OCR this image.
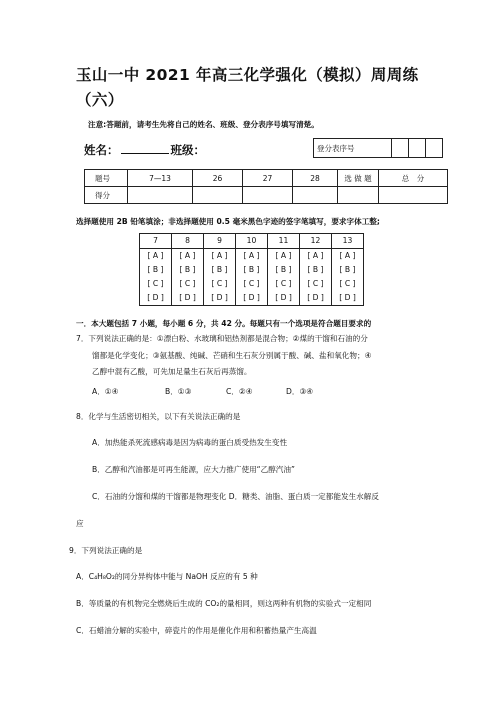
玉山一中 2021 年高三化学强化（模拟）周周练
（六）
注意:答题前，请考生先将自己的姓名、班级、登分表序号填写清楚。
姓名：	班级：	登分表序号			
题号	7—13	26	27	28	选 做 题	总　分
得分						
选择题使用 2B 铅笔填涂；非选择题使用 0.5 毫米黑色字迹的签字笔填写，要求字体工整;
7	8	9	10	11	12	13
[ A ]	[ A ]	[ A ]	[ A ]	[ A ]	[ A ]	[ A ]
[ B ]	[ B ]	[ B ]	[ B ]	[ B ]	[ B ]	[ B ]
[ C ]	[ C ]	[ C ]	[ C ]	[ C ]	[ C ]	[ C ]
[ D ]	[ D ]	[ D ]	[ D ]	[ D ]	[ D ]	[ D ]
一．本大题包括 7 小题，每小题 6 分，共 42 分。每题只有一个选项是符合题目要求的
7．下列说法正确的是：①漂白粉、水玻璃和铝热剂都是混合物；②煤的干馏和石油的分
馏都是化学变化；③氨基酸、纯碱、芒硝和生石灰分别属于酸、碱、盐和氧化物；④
乙醇中混有乙酸，可先加足量生石灰后再蒸馏。
A．①④	B．①③	C．②④	D．③④
8．化学与生活密切相关，以下有关说法正确的是
A．加热能杀死流感病毒是因为病毒的蛋白质受热发生变性
B．乙醇和汽油都是可再生能源，应大力推广使用“乙醇汽油”
C．石油的分馏和煤的干馏都是物理变化 D．糖类、油脂、蛋白质一定都能发生水解反
应
9．下列说法正确的是
A．C₄H₈O₂的同分异构体中能与 NaOH 反应的有 5 种
B．等质量的有机物完全燃烧后生成的 CO₂的量相同，则这两种有机物的实验式一定相同
C．石蜡油分解的实验中，碎瓷片的作用是催化作用和积蓄热量产生高温
